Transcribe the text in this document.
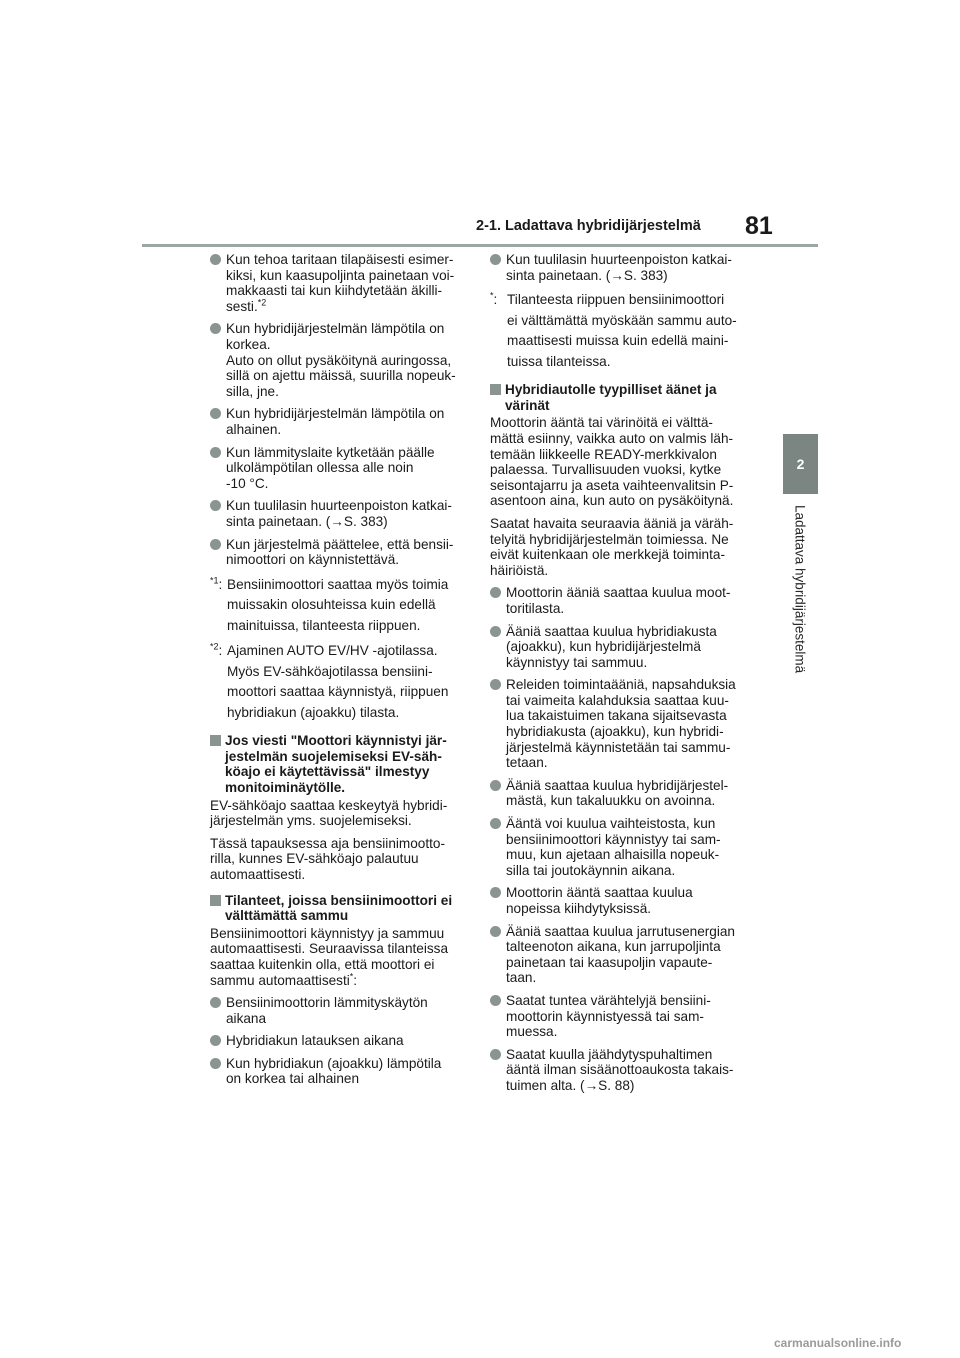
2-1. Ladattava hybridijärjestelmä 81
2
Ladattava hybridijärjestelmä
Kun tehoa taritaan tilapäisesti esimer-
kiksi, kun kaasupoljinta painetaan voi-
makkaasti tai kun kiihdytetään äkilli-
sesti.$^{*2}$
Kun hybridijärjestelmän lämpötila on
korkea.
Auto on ollut pysäköitynä auringossa,
sillä on ajettu mäissä, suurilla nopeuk-
silla, jne.
Kun hybridijärjestelmän lämpötila on
alhainen.
Kun lämmityslaite kytketään päälle
ulkolämpötilan ollessa alle noin
-10 °C.
Kun tuulilasin huurteenpoiston katkai-
sinta painetaan. (→S. 383)
Kun järjestelmä päättelee, että bensii-
nimoottori on käynnistettävä.
$^{*1}$: Bensiinimoottori saattaa myös toimia
muissakin olosuhteissa kuin edellä
mainituissa, tilanteesta riippuen.
$^{*2}$: Ajaminen AUTO EV/HV -ajotilassa.
Myös EV-sähköajotilassa bensiini-
moottori saattaa käynnistyä, riippuen
hybridiakun (ajoakku) tilasta.
Jos viesti "Moottori käynnistyi jär-
jestelmän suojelemiseksi EV-säh-
köajo ei käytettävissä" ilmestyy
monitoiminäytölle.
EV-sähköajo saattaa keskeytyä hybridi-
järjestelmän yms. suojelemiseksi.
Tässä tapauksessa aja bensiinimootto-
rilla, kunnes EV-sähköajo palautuu
automaattisesti.
Tilanteet, joissa bensiinimoottori ei
välttämättä sammu
Bensiinimoottori käynnistyy ja sammuu
automaattisesti. Seuraavissa tilanteissa
saattaa kuitenkin olla, että moottori ei
sammu automaattisesti*:
Bensiinimoottorin lämmityskäytön
aikana
Hybridiakun latauksen aikana
Kun hybridiakun (ajoakku) lämpötila
on korkea tai alhainen
Kun tuulilasin huurteenpoiston katkai-
sinta painetaan. (→S. 383)
*: Tilanteesta riippuen bensiinimoottori
ei välttämättä myöskään sammu auto-
maattisesti muissa kuin edellä maini-
tuissa tilanteissa.
Hybridiautolle tyypilliset äänet ja
värinät
Moottorin ääntä tai värinöitä ei välttä-
mättä esiinny, vaikka auto on valmis läh-
temään liikkeelle READY-merkkivalon
palaessa. Turvallisuuden vuoksi, kytke
seisontajarru ja aseta vaihteenvalitsin P-
asentoon aina, kun auto on pysäköitynä.
Saatat havaita seuraavia ääniä ja väräh-
telyitä hybridijärjestelmän toimiessa. Ne
eivät kuitenkaan ole merkkejä toiminta-
häiriöistä.
Moottorin ääniä saattaa kuulua moot-
toritilasta.
Ääniä saattaa kuulua hybridiakusta
(ajoakku), kun hybridijärjestelmä
käynnistyy tai sammuu.
Releiden toimintaääniä, napsahduksia
tai vaimeita kalahduksia saattaa kuu-
lua takaistuimen takana sijaitsevasta
hybridiakusta (ajoakku), kun hybridi-
järjestelmä käynnistetään tai sammu-
tetaan.
Ääniä saattaa kuulua hybridijärjestel-
mästä, kun takaluukku on avoinna.
Ääntä voi kuulua vaihteistosta, kun
bensiinimoottori käynnistyy tai sam-
muu, kun ajetaan alhaisilla nopeuk-
silla tai joutokäynnin aikana.
Moottorin ääntä saattaa kuulua
nopeissa kiihdytyksissä.
Ääniä saattaa kuulua jarrutusenergian
talteenoton aikana, kun jarrupoljinta
painetaan tai kaasupoljin vapaute-
taan.
Saatat tuntea värähtelyjä bensiini-
moottorin käynnistyessä tai sam-
muessa.
Saatat kuulla jäähdytyspuhaltimen
ääntä ilman sisäänottoaukosta takais-
tuimen alta. (→S. 88)
carmanualsonline.info
